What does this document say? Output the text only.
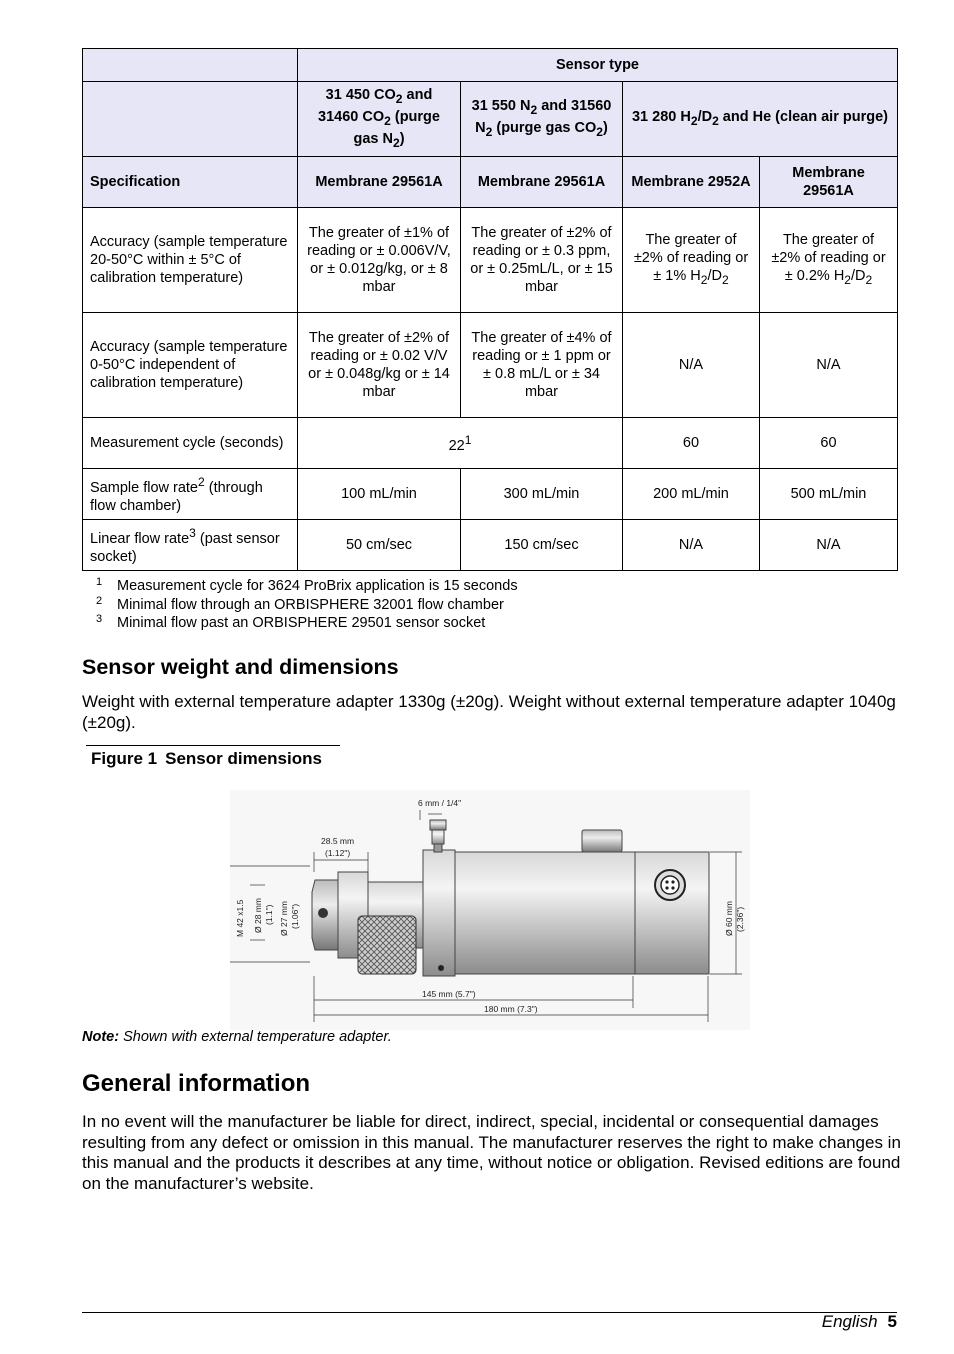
	Sensor type			
	31 450 $CO_2$ and 31460 $CO_2$ (purge gas $N_2$)	31 550 $N_2$ and 31560 $N_2$ (purge gas $CO_2$)	31 280 $H_2/D_2$ and He (clean air purge)	
Specification	Membrane 29561A	Membrane 29561A	Membrane 2952A	Membrane 29561A
Accuracy (sample temperature 20-50°C within ± 5°C of calibration temperature)	The greater of ±1% of reading or ± 0.006V/V, or ± 0.012g/kg, or ± 8 mbar	The greater of ±2% of reading or ± 0.3 ppm, or ± 0.25mL/L, or ± 15 mbar	The greater of ±2% of reading or ± 1% $H_2/D_2$	The greater of ±2% of reading or ± 0.2% $H_2/D_2$
Accuracy (sample temperature 0-50°C independent of calibration temperature)	The greater of ±2% of reading or ± 0.02 V/V or ± 0.048g/kg or ± 14 mbar	The greater of ±4% of reading or ± 1 ppm or ± 0.8 mL/L or ± 34 mbar	N/A	N/A
Measurement cycle (seconds)	$22^1$		60	60
Sample flow rate$^2$ (through flow chamber)	100 mL/min	300 mL/min	200 mL/min	500 mL/min
Linear flow rate$^3$ (past sensor socket)	50 cm/sec	150 cm/sec	N/A	N/A
1 Measurement cycle for 3624 ProBrix application is 15 seconds
2 Minimal flow through an ORBISPHERE 32001 flow chamber
3 Minimal flow past an ORBISPHERE 29501 sensor socket
Sensor weight and dimensions
Weight with external temperature adapter 1330g (±20g). Weight without external temperature adapter 1040g (±20g).
Figure 1 Sensor dimensions
6 mm / 1/4"
28.5 mm
(1.12")
M 42 x1.5 Ø 28 mm (1.1") Ø 27 mm (1.06")	Ø 60 mm (2.36")
145 mm (5.7")
180 mm (7.3")
Note: Shown with external temperature adapter.
General information
In no event will the manufacturer be liable for direct, indirect, special, incidental or consequential damages resulting from any defect or omission in this manual. The manufacturer reserves the right to make changes in this manual and the products it describes at any time, without notice or obligation. Revised editions are found on the manufacturer’s website.
English 5
